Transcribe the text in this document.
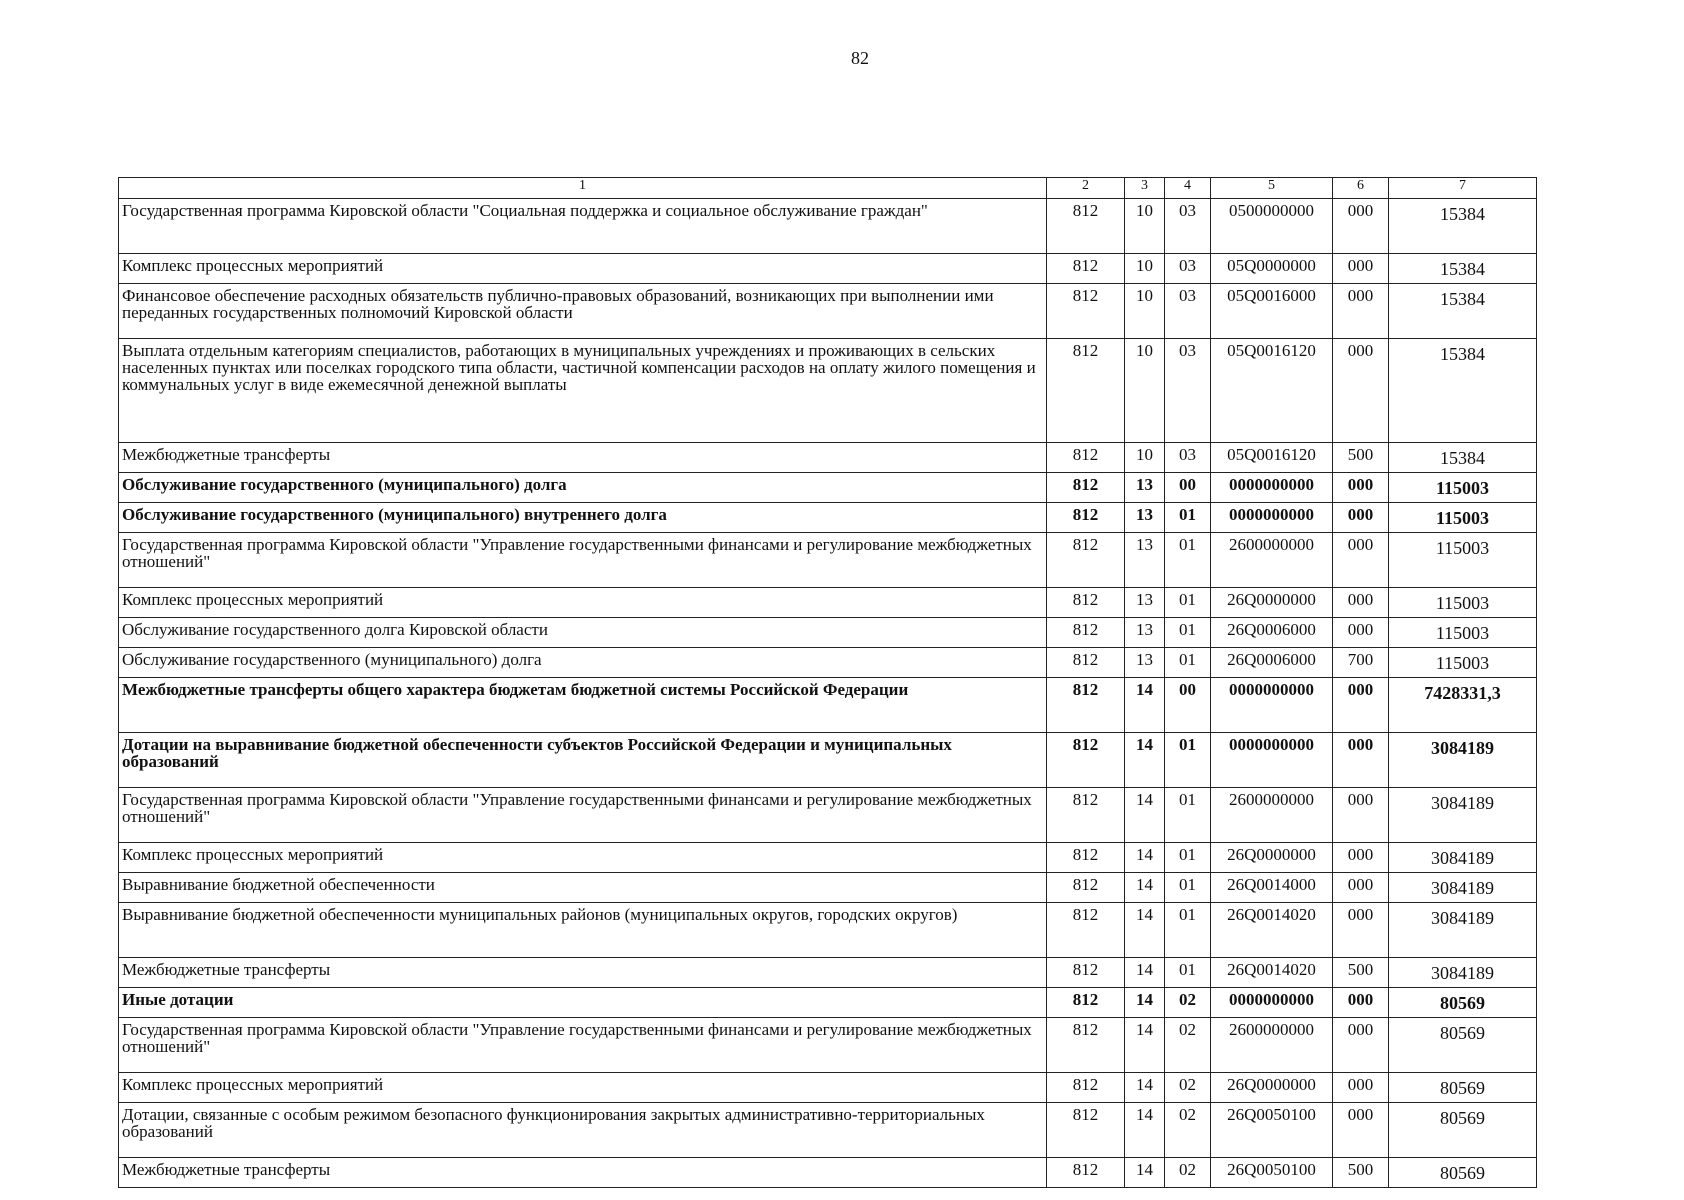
82
1	2	3	4	5	6	7
Государственная программа Кировской области "Социальная поддержка и социальное обслуживание граждан"	812	10	03	0500000000	000	15384
Комплекс процессных мероприятий	812	10	03	05Q0000000	000	15384
Финансовое обеспечение расходных обязательств публично-правовых образований, возникающих при выполнении ими переданных государственных полномочий Кировской области	812	10	03	05Q0016000	000	15384
Выплата отдельным категориям специалистов, работающих в муниципальных учреждениях и проживающих в сельских населенных пунктах или поселках городского типа области, частичной компенсации расходов на оплату жилого помещения и коммунальных услуг в виде ежемесячной денежной выплаты	812	10	03	05Q0016120	000	15384
Межбюджетные трансферты	812	10	03	05Q0016120	500	15384
Обслуживание государственного (муниципального) долга	812	13	00	0000000000	000	115003
Обслуживание государственного (муниципального) внутреннего долга	812	13	01	0000000000	000	115003
Государственная программа Кировской области "Управление государственными финансами и регулирование межбюджетных отношений"	812	13	01	2600000000	000	115003
Комплекс процессных мероприятий	812	13	01	26Q0000000	000	115003
Обслуживание государственного долга Кировской области	812	13	01	26Q0006000	000	115003
Обслуживание государственного (муниципального) долга	812	13	01	26Q0006000	700	115003
Межбюджетные трансферты общего характера бюджетам бюджетной системы Российской Федерации	812	14	00	0000000000	000	7428331,3
Дотации на выравнивание бюджетной обеспеченности субъектов Российской Федерации и муниципальных образований	812	14	01	0000000000	000	3084189
Государственная программа Кировской области "Управление государственными финансами и регулирование межбюджетных отношений"	812	14	01	2600000000	000	3084189
Комплекс процессных мероприятий	812	14	01	26Q0000000	000	3084189
Выравнивание бюджетной обеспеченности	812	14	01	26Q0014000	000	3084189
Выравнивание бюджетной обеспеченности муниципальных районов (муниципальных округов, городских округов)	812	14	01	26Q0014020	000	3084189
Межбюджетные трансферты	812	14	01	26Q0014020	500	3084189
Иные дотации	812	14	02	0000000000	000	80569
Государственная программа Кировской области "Управление государственными финансами и регулирование межбюджетных отношений"	812	14	02	2600000000	000	80569
Комплекс процессных мероприятий	812	14	02	26Q0000000	000	80569
Дотации, связанные с особым режимом безопасного функционирования закрытых административно-территориальных образований	812	14	02	26Q0050100	000	80569
Межбюджетные трансферты	812	14	02	26Q0050100	500	80569
